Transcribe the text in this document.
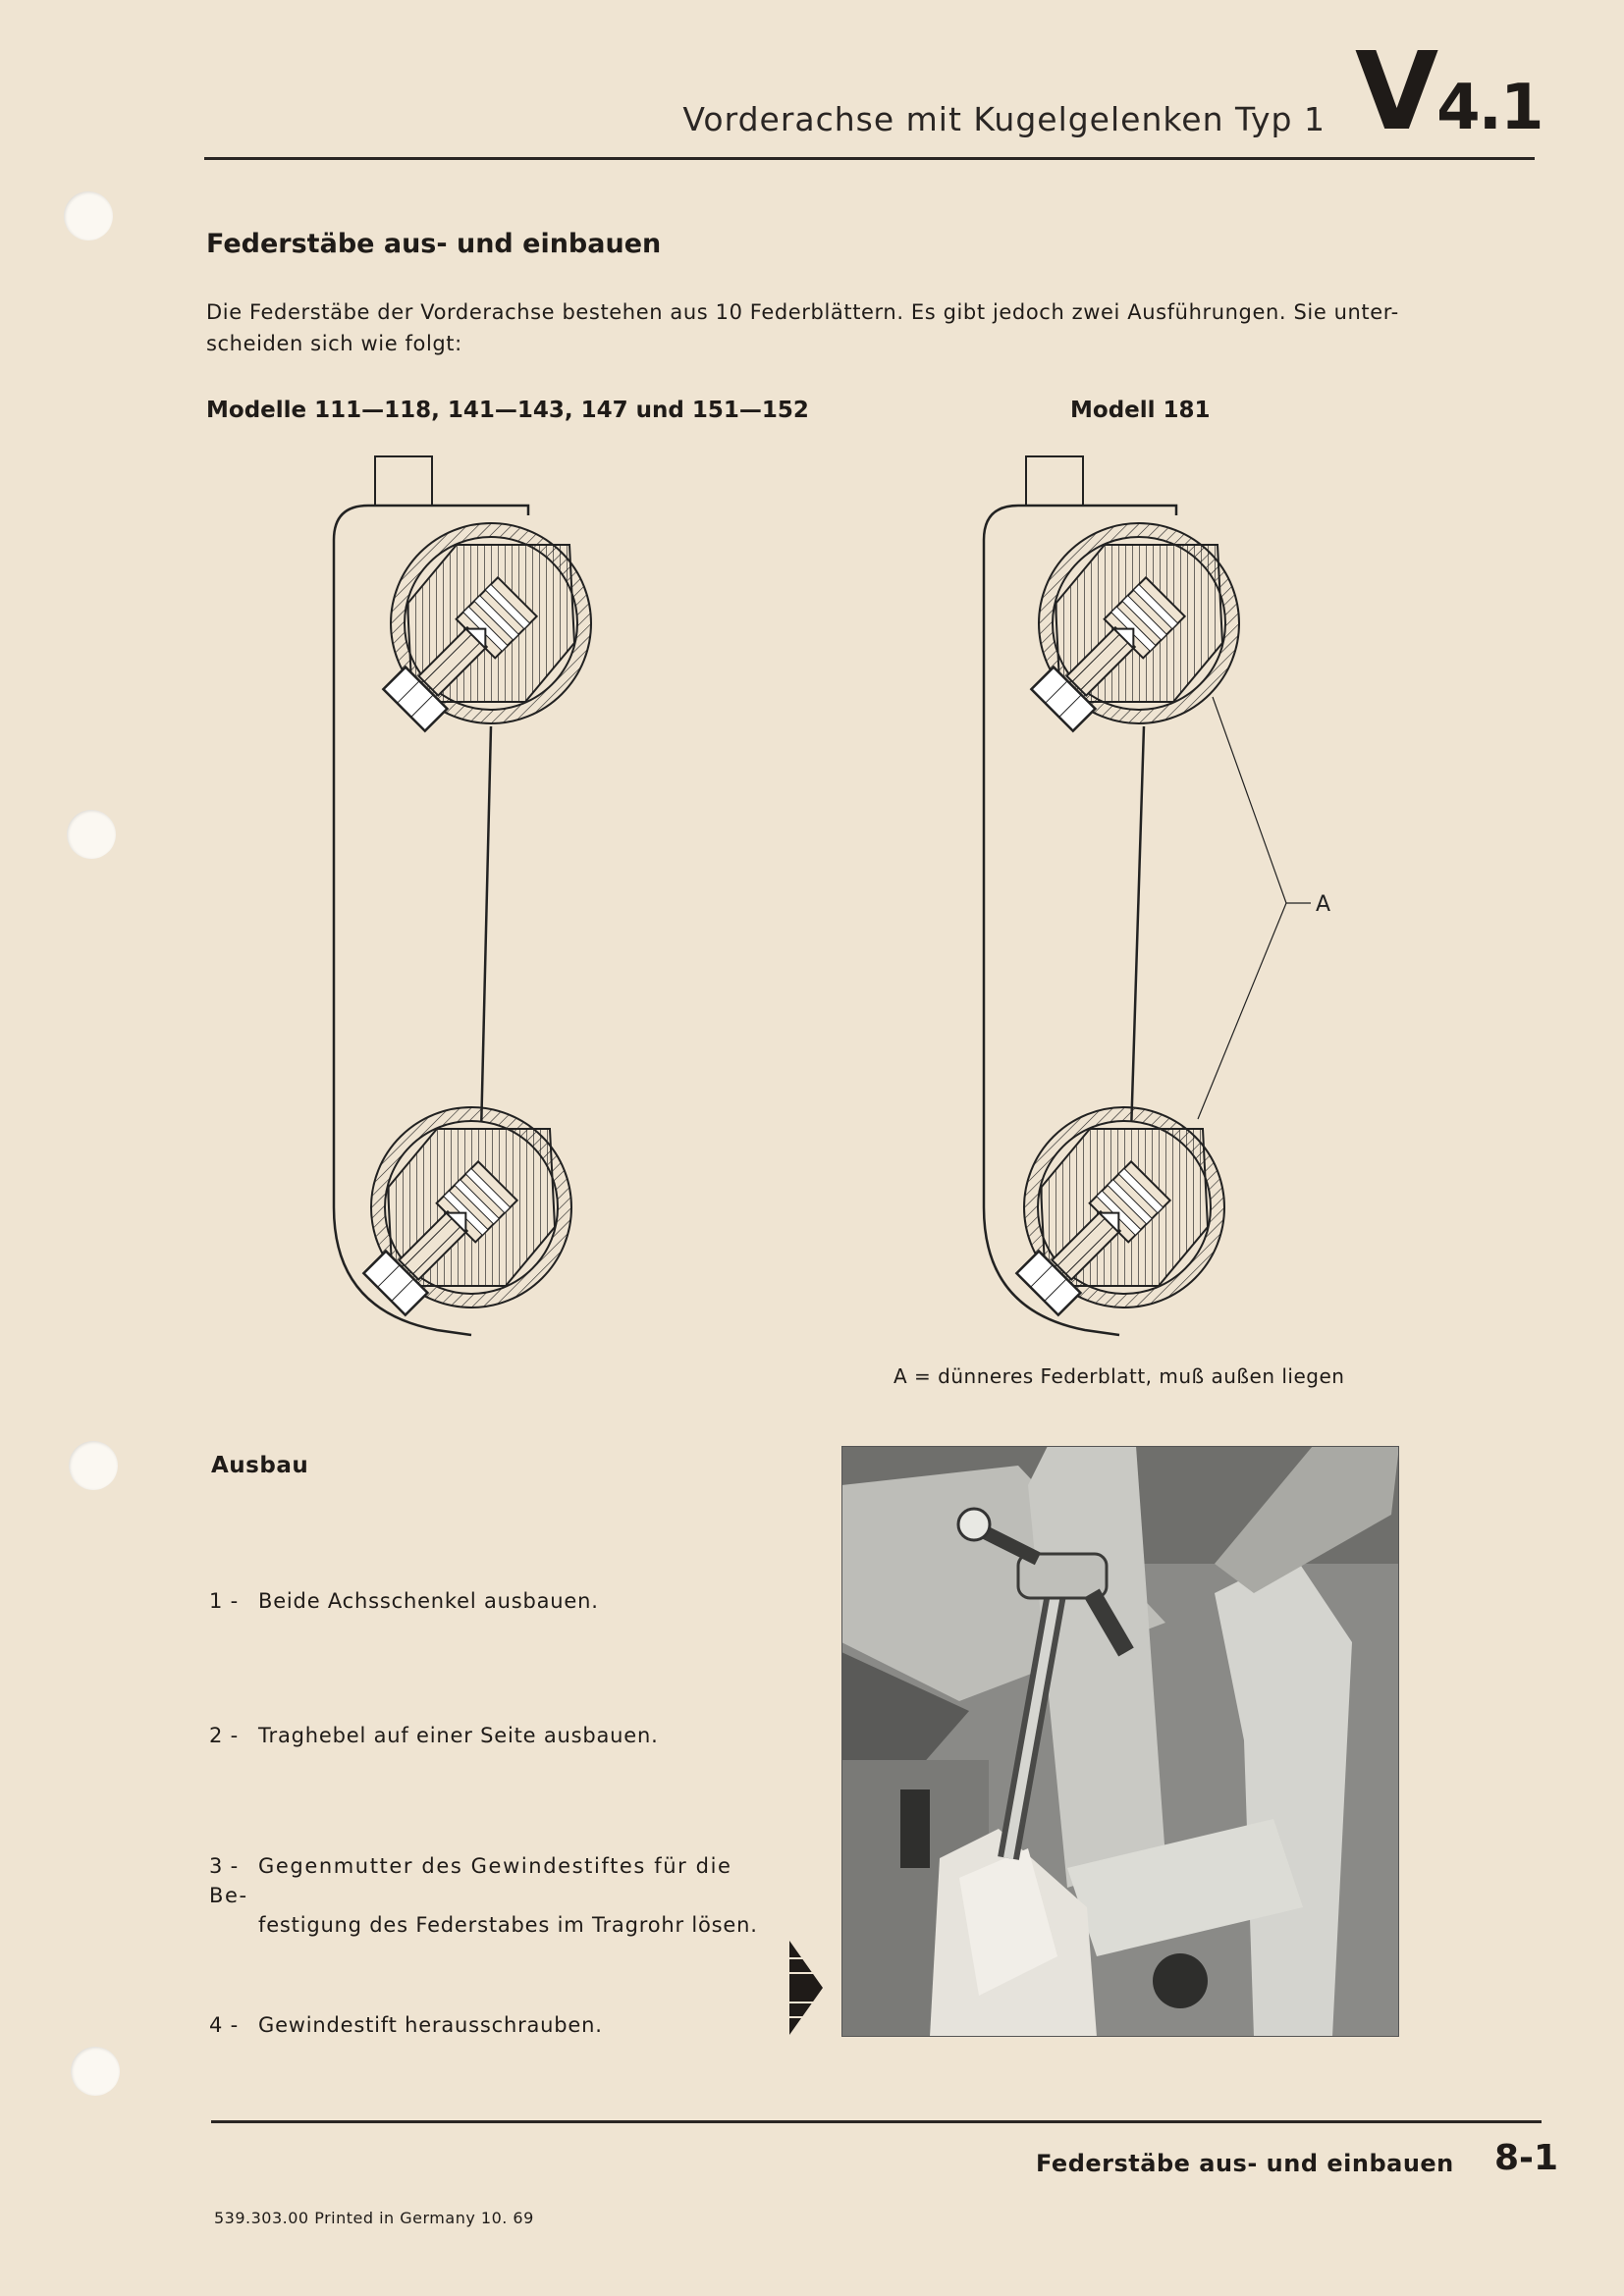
Vorderachse mit Kugelgelenken Typ 1 V4.1
Federstäbe aus- und einbauen
Die Federstäbe der Vorderachse bestehen aus 10 Federblättern. Es gibt jedoch zwei Ausführungen. Sie unter-
scheiden sich wie folgt:
Modelle 111—118, 141—143, 147 und 151—152	Modell 181
A
A = dünneres Federblatt, muß außen liegen
Ausbau
1 - Beide Achsschenkel ausbauen.
2 - Traghebel auf einer Seite ausbauen.
3 - Gegenmutter des Gewindestiftes für die Be-
festigung des Federstabes im Tragrohr lösen.
4 - Gewindestift herausschrauben.
Federstäbe aus- und einbauen 8-1
539.303.00 Printed in Germany 10. 69
